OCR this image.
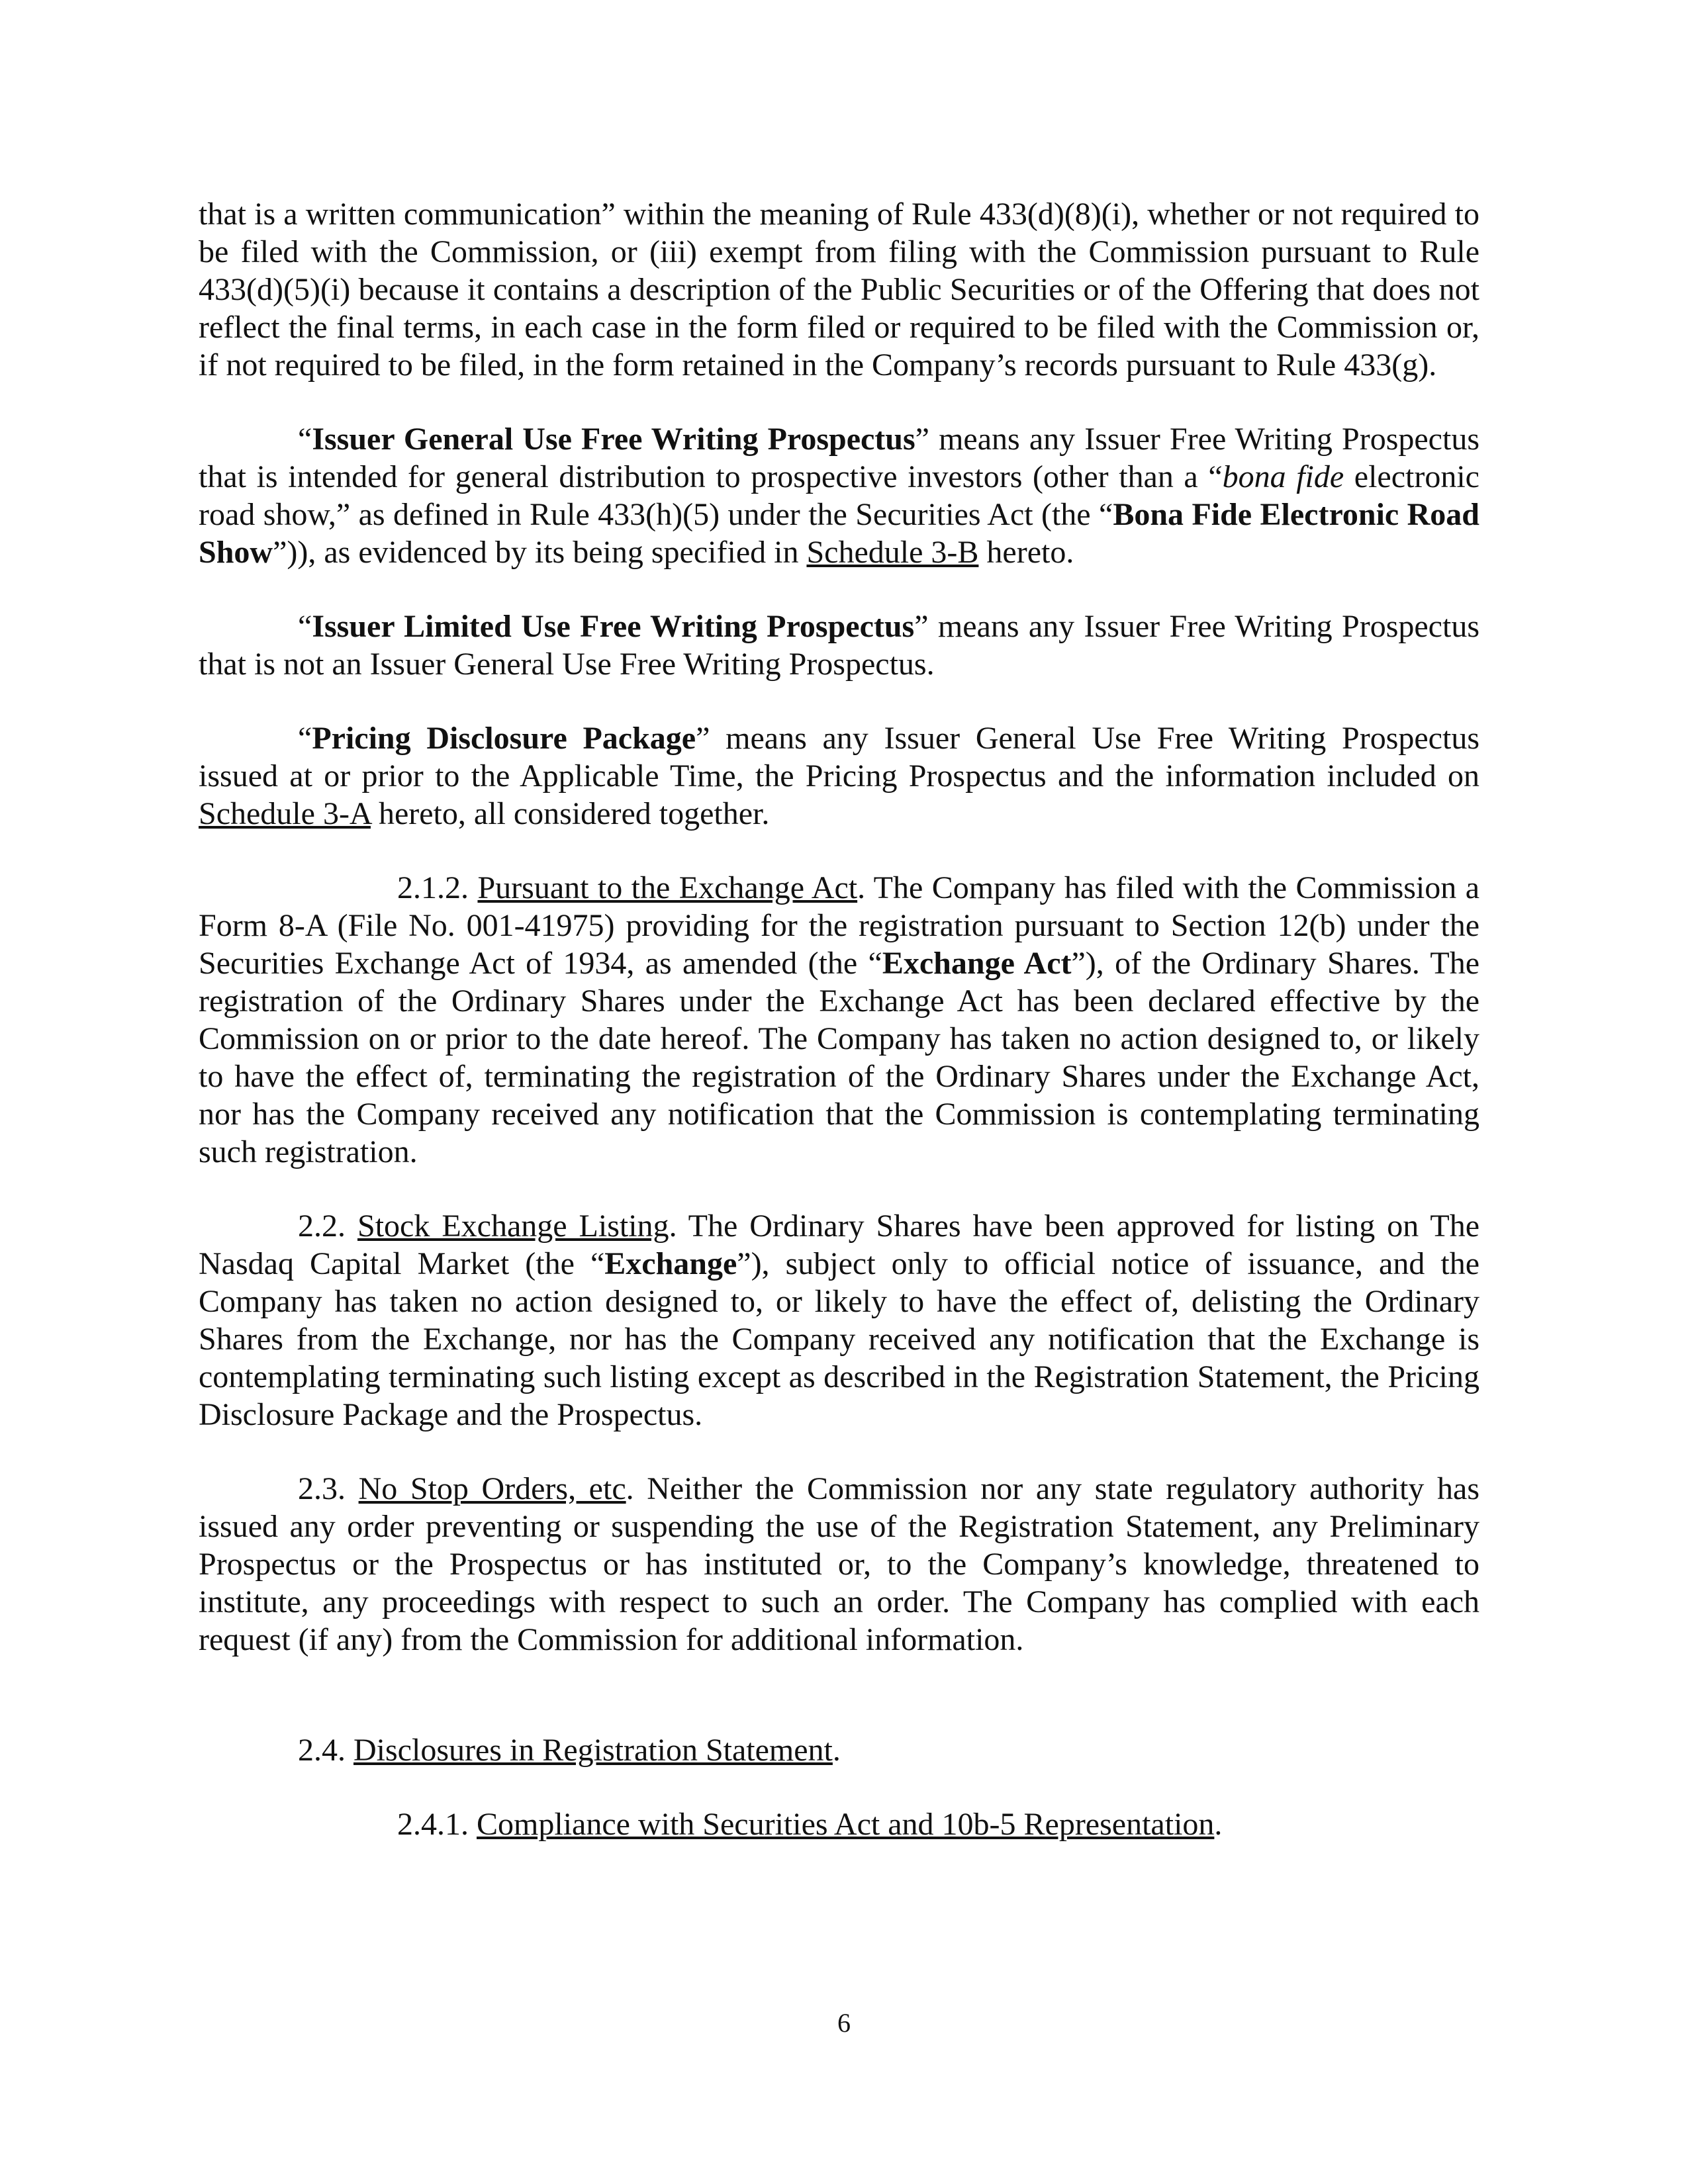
that is a written communication” within the meaning of Rule 433(d)(8)(i), whether or not required to be filed with the Commission, or (iii) exempt from filing with the Commission pursuant to Rule 433(d)(5)(i) because it contains a description of the Public Securities or of the Offering that does not reflect the final terms, in each case in the form filed or required to be filed with the Commission or, if not required to be filed, in the form retained in the Company’s records pursuant to Rule 433(g).

“Issuer General Use Free Writing Prospectus” means any Issuer Free Writing Prospectus that is intended for general distribution to prospective investors (other than a “bona fide electronic road show,” as defined in Rule 433(h)(5) under the Securities Act (the “Bona Fide Electronic Road Show”)), as evidenced by its being specified in Schedule 3-B hereto.

“Issuer Limited Use Free Writing Prospectus” means any Issuer Free Writing Prospectus that is not an Issuer General Use Free Writing Prospectus.

“Pricing Disclosure Package” means any Issuer General Use Free Writing Prospectus issued at or prior to the Applicable Time, the Pricing Prospectus and the information included on Schedule 3-A hereto, all considered together.

2.1.2. Pursuant to the Exchange Act. The Company has filed with the Commission a Form 8-A (File No. 001-41975) providing for the registration pursuant to Section 12(b) under the Securities Exchange Act of 1934, as amended (the “Exchange Act”), of the Ordinary Shares. The registration of the Ordinary Shares under the Exchange Act has been declared effective by the Commission on or prior to the date hereof. The Company has taken no action designed to, or likely to have the effect of, terminating the registration of the Ordinary Shares under the Exchange Act, nor has the Company received any notification that the Commission is contemplating terminating such registration.

2.2. Stock Exchange Listing. The Ordinary Shares have been approved for listing on The Nasdaq Capital Market (the “Exchange”), subject only to official notice of issuance, and the Company has taken no action designed to, or likely to have the effect of, delisting the Ordinary Shares from the Exchange, nor has the Company received any notification that the Exchange is contemplating terminating such listing except as described in the Registration Statement, the Pricing Disclosure Package and the Prospectus.

2.3. No Stop Orders, etc. Neither the Commission nor any state regulatory authority has issued any order preventing or suspending the use of the Registration Statement, any Preliminary Prospectus or the Prospectus or has instituted or, to the Company’s knowledge, threatened to institute, any proceedings with respect to such an order. The Company has complied with each request (if any) from the Commission for additional information.

2.4. Disclosures in Registration Statement.

2.4.1. Compliance with Securities Act and 10b-5 Representation.

6
